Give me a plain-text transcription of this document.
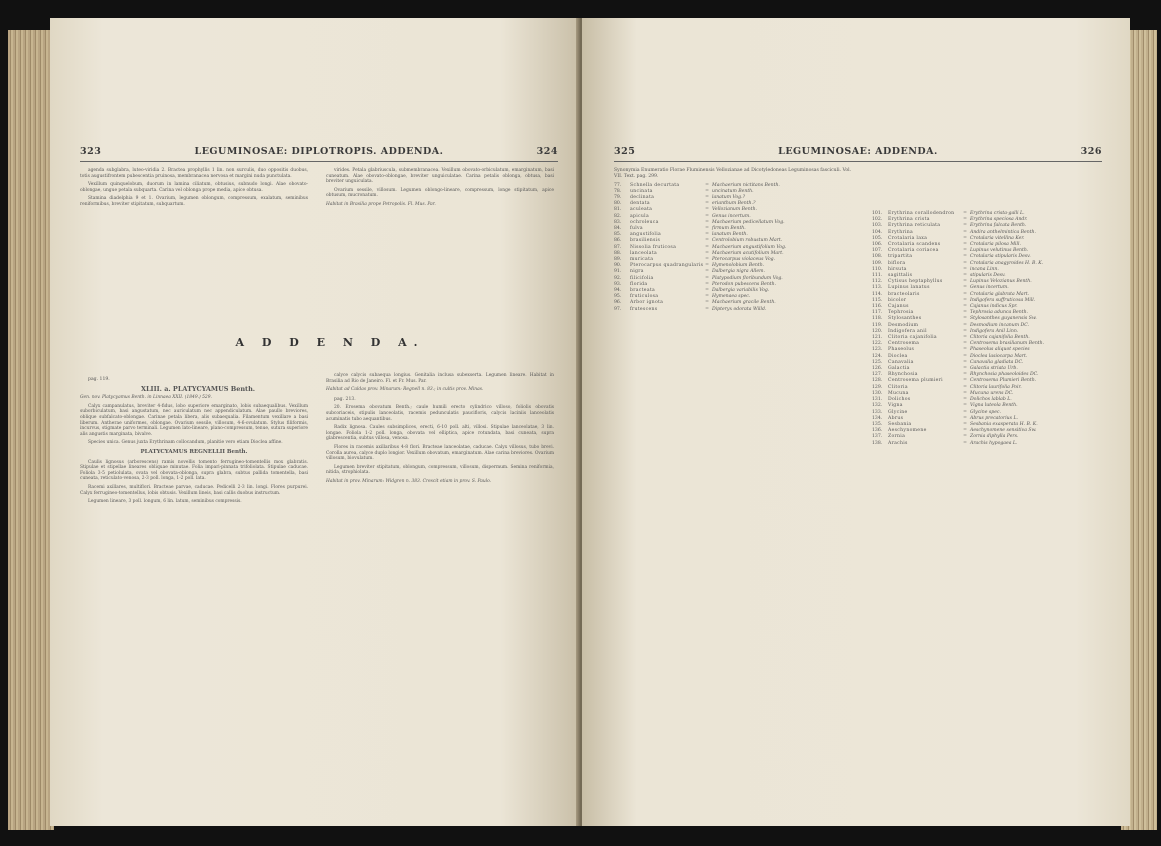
323	LEGUMINOSAE: DIPLOTROPIS. ADDENDA.	324

agenda subglabra, luteo-viridia 2. Bractea prophyllis 1 lin. non surculis, duo oppositis duobus, totis augustifrontem pubescentia pruinosa, membranacea nervosa et margini nuda punctulata.

Vexillum quinquelobum, duorum in lamina ciliatum, obtusius, subnudo longi. Alae obovato-oblongae, ungue petala subquarta. Carina vel oblonga prope media, apice obtusa.

Stamina diadelphia 9 et 1. Ovarium, legumen oblongum, compressum, exalatum, seminibus reniformibus, breviter stipitatum, subquartum.

virides. Petala glabriuscula, submembranacea. Vexillum obovato-orbiculatum, emarginatum, basi cuneatum. Alae obovato-oblongae, breviter unguiculatae. Carina petalis oblonga, obtusa, basi breviter unguiculata.

Ovarium sessile, villosum. Legumen oblongo-lineare, compressum, longe stipitatum, apice obtusum, mucronatum.

Habitat in Brasilia prope Petropolis. Fl. Mus. Par.

A D D E N D A.

pag. 119.

XLIII. a. PLATYCYAMUS Benth.

Gen. nov. Platycyamus Benth. in Linnaea XXII. (1849.) 529.

Calyx campanulatus, breviter 4-fidus, lobo superiore emarginato, lobis subaequalibus. Vexillum suborbiculatum, basi angustatum, nec auriculatum nec appendiculatum. Alae paullo breviores, oblique subfalcato-oblongae. Carinae petala libera, alis subaequalia. Filamentum vexillare a basi liberum. Antherae uniformes, oblongae. Ovarium sessile, villosum, 4-6-ovulatum. Stylus filiformis, incurvus, stigmate parvo terminali. Legumen lato-lineare, plano-compressum, tenue, sutura superiore alis angustis marginata, bivalve.

Species unica. Genus juxta Erythrinam collocandum, planitie vero etiam Dioclea affine.

PLATYCYAMUS REGNELLII Benth.

Caulis lignosus (arborescens) ramis novellis tomento ferrugineo-tomentellis mox glabratis. Stipulae et stipellae lineares obliquae minutae. Folia impari-pinnata trifoliolata. Stipulae caducae. Foliola 3-5 petiolulata, ovata vel obovata-oblonga, supra glabra, subtus pallida tomentella, basi cuneata, reticulato-venosa, 2-3 poll. longa, 1-2 poll. lata.

Racemi axillares, multiflori. Bracteae parvae, caducae. Pedicelli 2-3 lin. longi. Flores purpurei. Calyx ferrugineo-tomentellus, lobis obtusis. Vexillum lineis, basi callis duobus instructum.

Legumen lineare, 3 poll. longum, 6 lin. latum, seminibus compressis.

calyce calycis subaequa longius. Genitalia inclusa subexserta. Legumen lineare. Habitat in Brasilia ad Rio de Janeiro. Fl. et Fr. Mus. Par.

Habitat ad Caldas prov. Minarum: Regnell n. 83.; in cultis prov. Minas.

pag. 213.

20. Erosema obovatum Benth.; caule humili erecto cylindrico villoso, foliolis obovatis subcoriaceis, stipulis lanceolatis, racemis pedunculatis paucifloris, calycis laciniis lanceolatis acuminatis tubo aequantibus.

Radix lignosa. Caules subsimplices, erecti, 6-10 poll. alti, villosi. Stipulae lanceolatae, 3 lin. longae. Foliola 1-2 poll. longa, obovata vel elliptica, apice rotundata, basi cuneata, supra glabrescentia, subtus villosa, venosa.

Flores in racemis axillaribus 4-8 flori. Bracteae lanceolatae, caducae. Calyx villosus, tubo brevi. Corolla aurea, calyce duplo longior. Vexillum obovatum, emarginatum. Alae carina breviores. Ovarium villosum, biovulatum.

Legumen breviter stipitatum, oblongum, compressum, villosum, dispermum. Semina reniformia, nitida, strophiolata.

Habitat in prov. Minarum: Widgren n. 383. Crescit etiam in prov. S. Paulo.

325	LEGUMINOSAE: ADDENDA.	326
Synonymia Enumeratio Florae Fluminensis Vellozianae ad Dicotyledoneas Leguminosas fasciculi. Vol. VII. Text. pag. 299.
77.	Schnella decurtata	= Machaerium nictitans Benth.
78.	uncinata	= uncinatum Benth.
79.	declinata	= lanatum Vog.?
80.	dentata	= erianthum Benth.?
81.	aculeata	= Vellozianum Benth.
82.	apicula	= Genus incertum.
83.	ochroleuca	= Machaerium pedicellatum Vog.
84.	fulva	= firmum Benth.
85.	angustifolia	= lanatum Benth.
86.	brasiliensis	= Centrolobium robustum Mart.
87.	Nissolia fruticosa	= Machaerium angustifolium Vog.
88.	lanceolata	= Machaerium acutifolium Mart.
89.	muricata	= Pterocarpus violaceus Vog.
90.	Pterocarpus quadrangularis = Hymenolobium Benth.
91.	nigra	= Dalbergia nigra Allem.
92.	filicifolia	= Platypodium floribundum Vog.
93.	florida	= Pterodon pubescens Benth.
94.	bracteata	= Dalbergia variabilis Vog.
95.	fruticulosa	= Hymenaea spec.
96.	Arbor ignota	= Machaerium gracile Benth.
97.	frutescens	= Dipteryx odorata Willd.
101.	Erythrina corallodendron	= Erythrina crista-galli L.
102.	Erythrina crista	= Erythrina speciosa Andr.
103.	Erythrina reticulata	= Erythrina falcata Benth.
104.	Erythrina	= Andira anthelmintica Benth.
105.	Crotalaria laxa	= Crotalaria vitellina Ker.
106.	Crotalaria scandens	= Crotalaria pilosa Mill.
107.	Crotalaria coriacea	= Lupinus velutinus Benth.
108.	tripartita	= Crotalaria stipularis Desv.
109.	biflora	= Crotalaria anagyroides H. B. K.
110.	hirsuta	= incana Linn.
111.	sagittalis	= stipularis Desv.
112.	Cytisus heptaphyllus	= Lupinus Velozianus Benth.
113.	Lupinus lanatus	= Genus incertum.
114.	bracteolaris	= Crotalaria glabrata Mart.
115.	bicolor	= Indigofera suffruticosa Mill.
116.	Cajanus	= Cajanus indicus Spr.
117.	Tephrosia	= Tephrosia adunca Benth.
118.	Stylosanthes	= Stylosanthes guyanensis Sw.
119.	Desmodium	= Desmodium incanum DC.
120.	Indigofera anil	= Indigofera Anil Linn.
121.	Clitoria cajanifolia	= Clitoria cajanifolia Benth.
122.	Centrosema	= Centrosema brasilianum Benth.
123.	Phaseolus	= Phaseolus aliquot species
124.	Dioclea	= Dioclea lasiocarpa Mart.
125.	Canavalia	= Canavalia gladiata DC.
126.	Galactia	= Galactia striata Urb.
127.	Rhynchosia	= Rhynchosia phaseoloides DC.
128.	Centrosema plumieri	= Centrosema Plumieri Benth.
129.	Clitoria	= Clitoria laurifolia Poir.
130.	Mucuna	= Mucuna urens DC.
131.	Dolichos	= Dolichos lablab L.
132.	Vigna	= Vigna luteola Benth.
133.	Glycine	= Glycine spec.
134.	Abrus	= Abrus precatorius L.
135.	Sesbania	= Sesbania exasperata H. B. K.
136.	Aeschynomene	= Aeschynomene sensitiva Sw.
137.	Zornia	= Zornia diphylla Pers.
138.	Arachis	= Arachis hypogaea L.
